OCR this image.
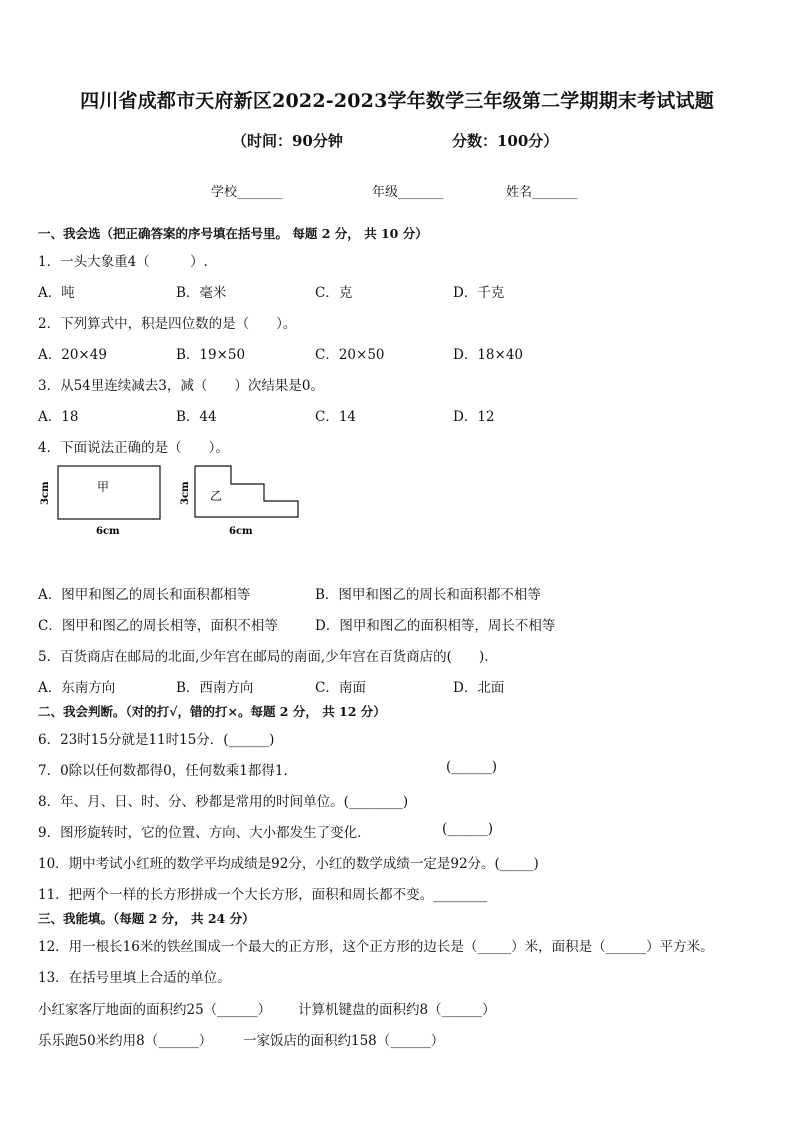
四川省成都市天府新区2022-2023学年数学三年级第二学期期末考试试题
（时间：90分钟	分数：100分）
学校_______	年级_______	姓名_______
一、我会选（把正确答案的序号填在括号里。 每题 2 分， 共 10 分）
1．一头大象重4（　　　）.
A．吨	B．毫米	C．克	D．千克
2．下列算式中，积是四位数的是（　　）。
A．20×49	B．19×50	C．20×50	D．18×40
3．从54里连续减去3，减（　　）次结果是0。
A．18	B．44	C．14	D．12
4．下面说法正确的是（　　）。
甲
3cm
6cm
乙
3cm
6cm
A．图甲和图乙的周长和面积都相等	B．图甲和图乙的周长和面积都不相等
C．图甲和图乙的周长相等，面积不相等	D．图甲和图乙的面积相等，周长不相等
5．百货商店在邮局的北面,少年宫在邮局的南面,少年宫在百货商店的(　　).
A．东南方向	B．西南方向	C．南面	D．北面
二、我会判断。（对的打√，错的打×。每题 2 分， 共 12 分）
6．23时15分就是11时15分．(______)
7．0除以任何数都得0，任何数乘1都得1．	(______)
8．年、月、日、时、分、秒都是常用的时间单位。(________)
9．图形旋转时，它的位置、方向、大小都发生了变化．	(______)
10．期中考试小红班的数学平均成绩是92分，小红的数学成绩一定是92分。(_____)
11．把两个一样的长方形拼成一个大长方形，面积和周长都不变。________
三、我能填。（每题 2 分， 共 24 分）
12．用一根长16米的铁丝围成一个最大的正方形，这个正方形的边长是（_____）米，面积是（______）平方米。
13．在括号里填上合适的单位。
小红家客厅地面的面积约25（______） 计算机键盘的面积约8（______）
乐乐跑50米约用8（______） 一家饭店的面积约158（______）
